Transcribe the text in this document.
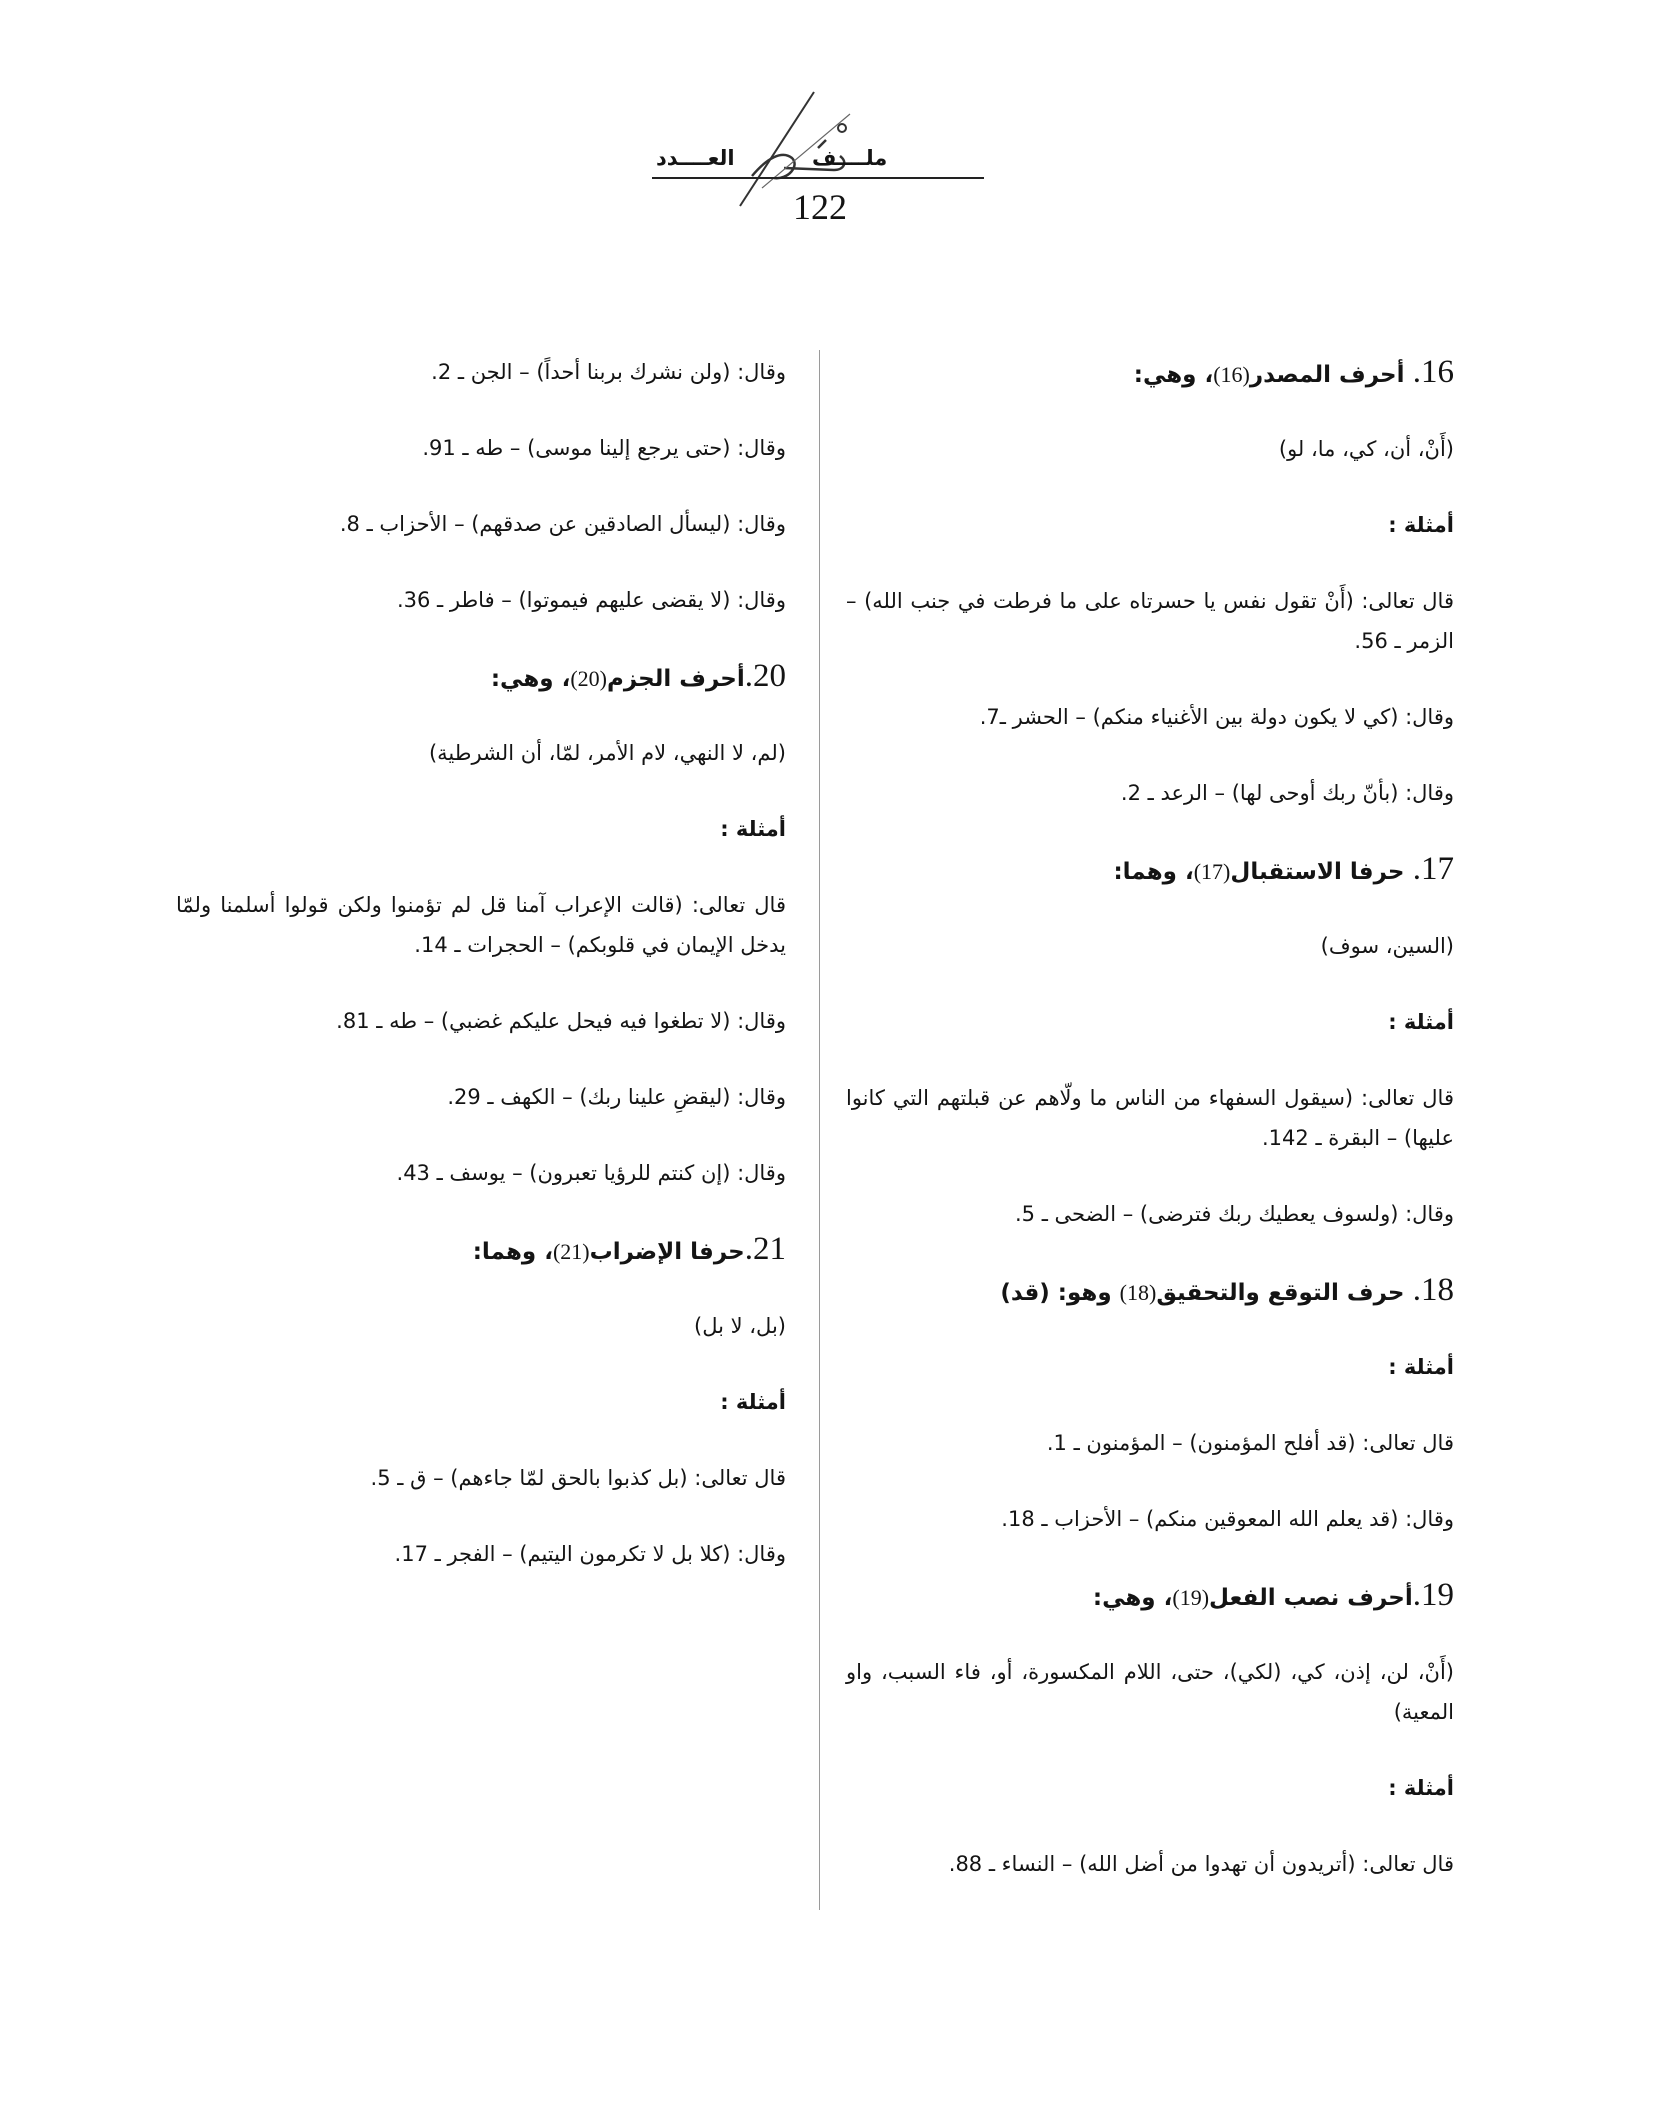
ملــــف
العــــدد
122
16. أحرف المصدر(16)، وهي:

(أَنْ، أن، كي، ما، لو)

أمثلة :

قال تعالى: (أَنْ تقول نفس يا حسرتاه على ما فرطت في جنب الله) – الزمر ـ 56.

وقال: (كي لا يكون دولة بين الأغنياء منكم) – الحشر ـ7.

وقال: (بأنّ ربك أوحى لها) – الرعد ـ 2.

17. حرفا الاستقبال(17)، وهما:

(السين، سوف)

أمثلة :

قال تعالى: (سيقول السفهاء من الناس ما ولّاهم عن قبلتهم التي كانوا عليها) – البقرة ـ 142.

وقال: (ولسوف يعطيك ربك فترضى) – الضحى ـ 5.

18. حرف التوقع والتحقيق(18) وهو: (قد)

أمثلة :

قال تعالى: (قد أفلح المؤمنون) – المؤمنون ـ 1.

وقال: (قد يعلم الله المعوقين منكم) – الأحزاب ـ 18.

19.أحرف نصب الفعل(19)، وهي:

(أَنْ، لن، إذن، كي، (لكي)، حتى، اللام المكسورة، أو، فاء السبب، واو المعية)

أمثلة :

قال تعالى: (أتريدون أن تهدوا من أضل الله) – النساء ـ 88.

وقال: (ولن نشرك بربنا أحداً) – الجن ـ 2.

وقال: (حتى يرجع إلينا موسى) – طه ـ 91.

وقال: (ليسأل الصادقين عن صدقهم) – الأحزاب ـ 8.

وقال: (لا يقضى عليهم فيموتوا) – فاطر ـ 36.

20.أحرف الجزم(20)، وهي:

(لم، لا النهي، لام الأمر، لمّا، أن الشرطية)

أمثلة :

قال تعالى: (قالت الإعراب آمنا قل لم تؤمنوا ولكن قولوا أسلمنا ولمّا يدخل الإيمان في قلوبكم) – الحجرات ـ 14.

وقال: (لا تطغوا فيه فيحل عليكم غضبي) – طه ـ 81.

وقال: (ليقضِ علينا ربك) – الكهف ـ 29.

وقال: (إن كنتم للرؤيا تعبرون) – يوسف ـ 43.

21.حرفا الإضراب(21)، وهما:

(بل، لا بل)

أمثلة :

قال تعالى: (بل كذبوا بالحق لمّا جاءهم) – ق ـ 5.

وقال: (كلا بل لا تكرمون اليتيم) – الفجر ـ 17.
